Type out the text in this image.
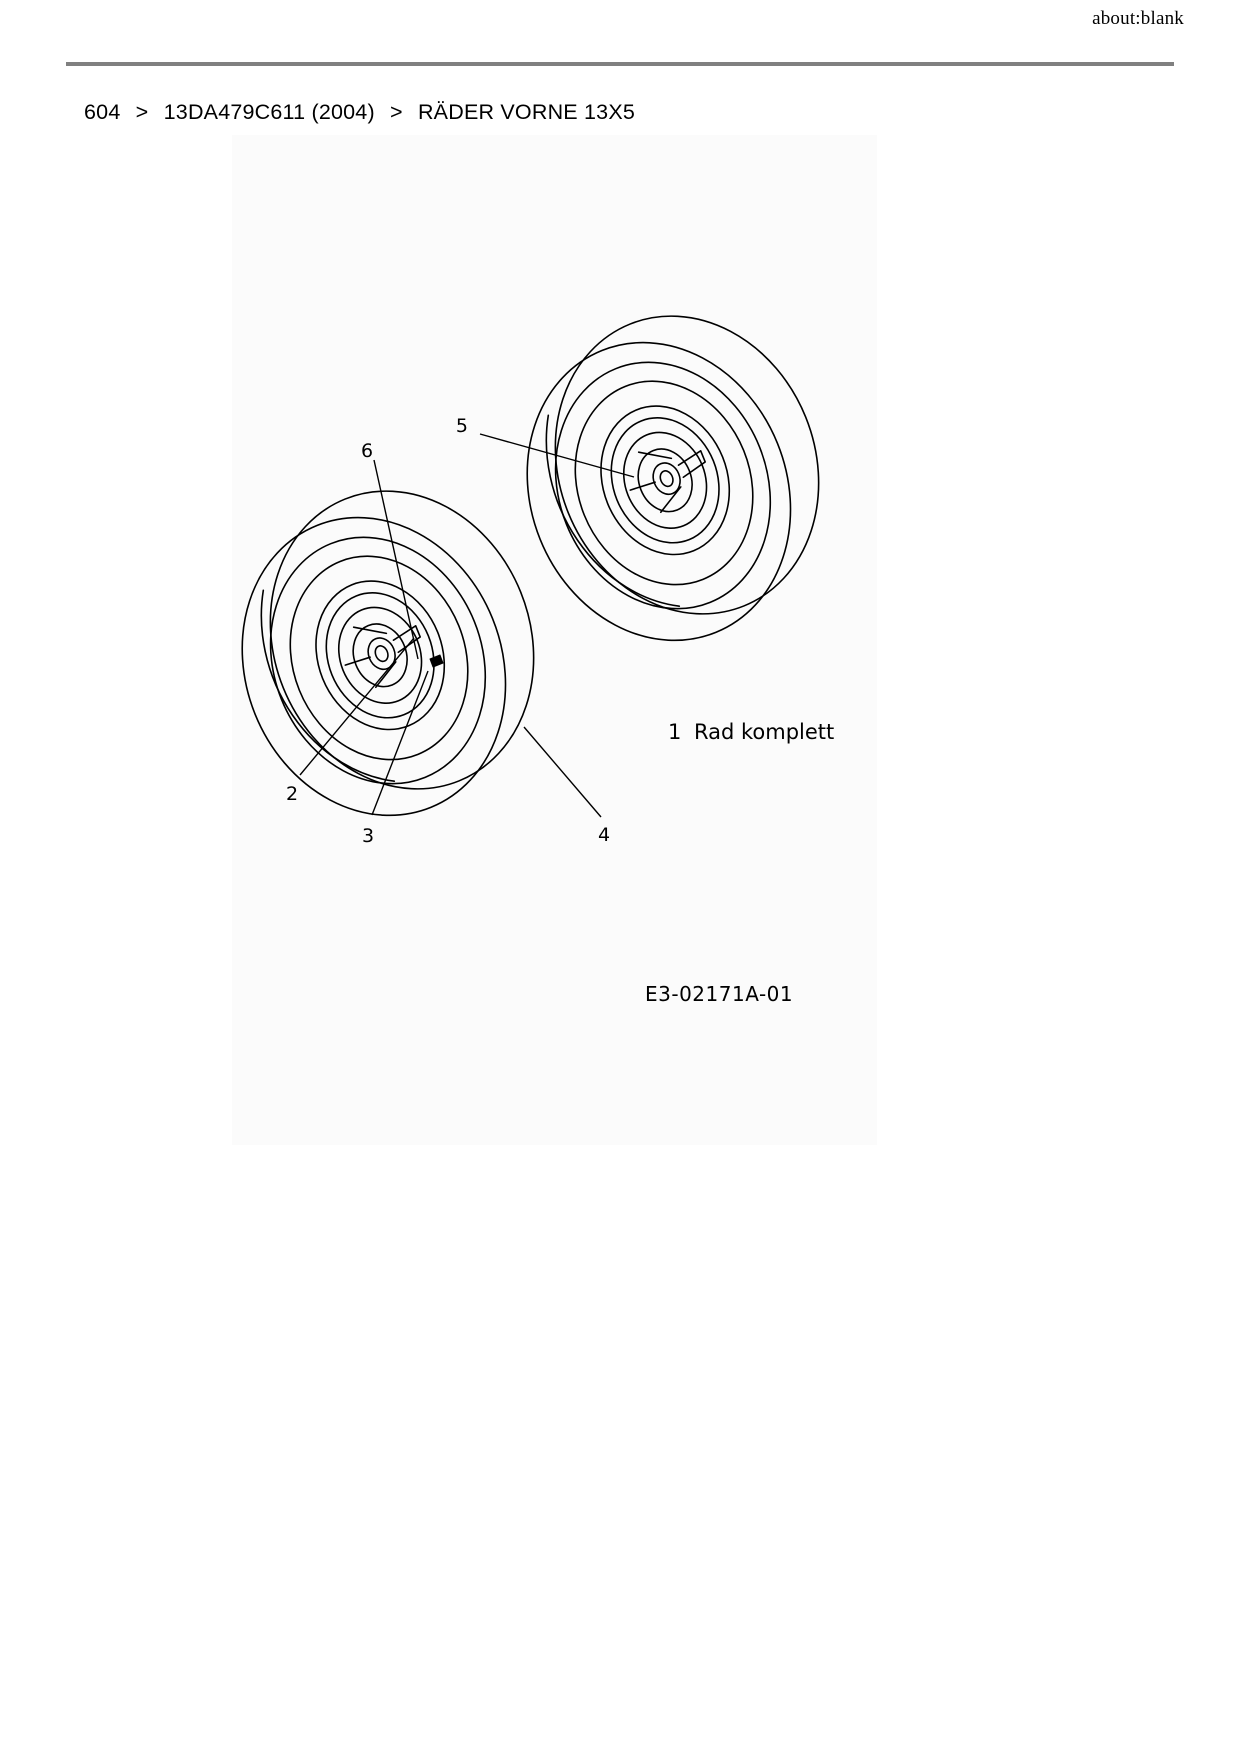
about:blank
604 > 13DA479C611 (2004) > RÄDER VORNE 13X5
5
6
2
3	4
1 Rad komplett
E3-02171A-01
